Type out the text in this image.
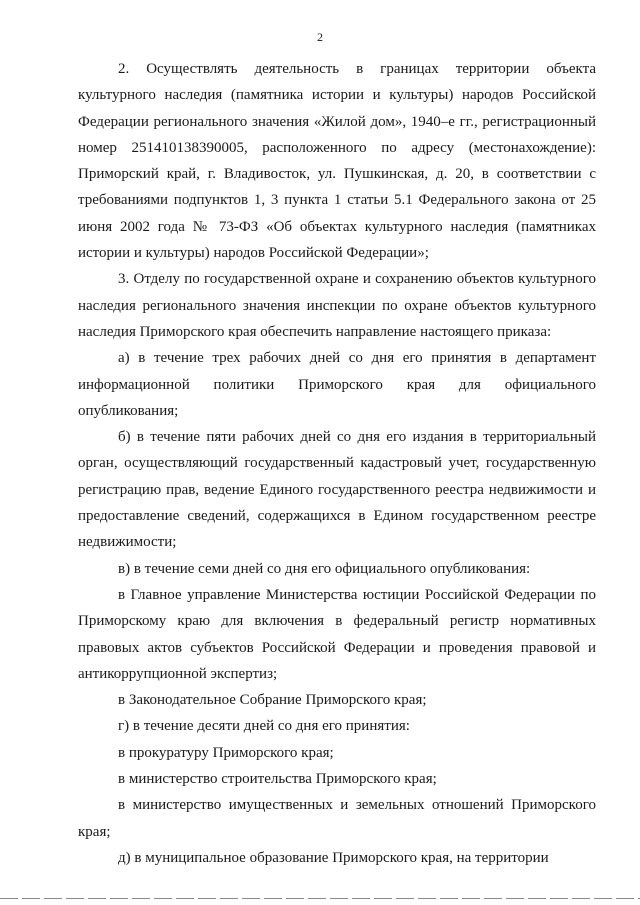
2

2. Осуществлять деятельность в границах территории объекта культурного наследия (памятника истории и культуры) народов Российской Федерации регионального значения «Жилой дом», 1940–е гг., регистрационный номер 251410138390005, расположенного по адресу (местонахождение): Приморский край, г. Владивосток, ул. Пушкинская, д. 20, в соответствии с требованиями подпунктов 1, 3 пункта 1 статьи 5.1 Федерального закона от 25 июня 2002 года № 73-ФЗ «Об объектах культурного наследия (памятниках истории и культуры) народов Российской Федерации»;

3. Отделу по государственной охране и сохранению объектов культурного наследия регионального значения инспекции по охране объектов культурного наследия Приморского края обеспечить направление настоящего приказа:

а) в течение трех рабочих дней со дня его принятия в департамент информационной политики Приморского края для официального опубликования;

б) в течение пяти рабочих дней со дня его издания в территориальный орган, осуществляющий государственный кадастровый учет, государственную регистрацию прав, ведение Единого государственного реестра недвижимости и предоставление сведений, содержащихся в Едином государственном реестре недвижимости;

в) в течение семи дней со дня его официального опубликования:

в Главное управление Министерства юстиции Российской Федерации по Приморскому краю для включения в федеральный регистр нормативных правовых актов субъектов Российской Федерации и проведения правовой и антикоррупционной экспертиз;

в Законодательное Собрание Приморского края;

г) в течение десяти дней со дня его принятия:

в прокуратуру Приморского края;

в министерство строительства Приморского края;

в министерство имущественных и земельных отношений Приморского края;

д) в муниципальное образование Приморского края, на территории
